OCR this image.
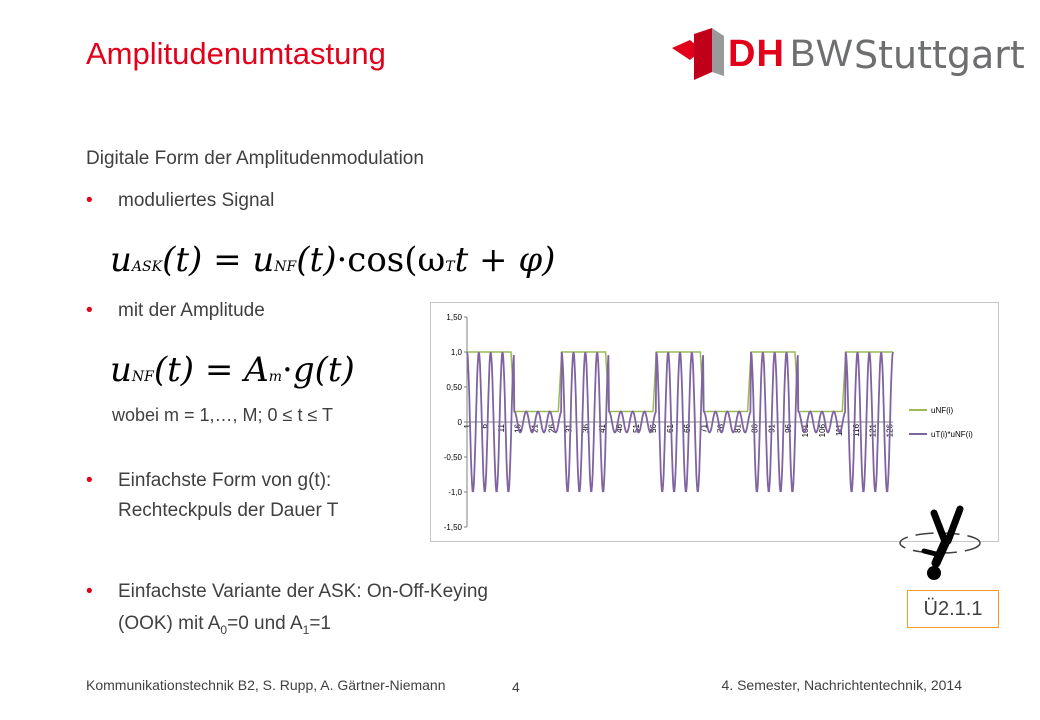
Amplitudenumtastung	DH BW Stuttgart
Digitale Form der Amplitudenmodulation
• moduliertes Signal
uASK(t) = uNF(t)·cos(ωTt + φ)
• mit der Amplitude
uNF(t) = Am·g(t)
wobei m = 1,…, M; 0 ≤ t ≤ T
• Einfachste Form von g(t):
Rechteckpuls der Dauer T
• Einfachste Variante der ASK: On-Off-Keying
(OOK) mit $A_0=0$ und $A_1=1$
1,50
1,0
0,50
0
-0,50
-1,0
-1,50
1 6 11 16 21 26 31 36 41 46 51 56 61 66 71 76 81 86 91 96 101 106 111 116 121 126
uNF(i)
uT(i)*uNF(i)
Ü2.1.1
Kommunikationstechnik B2, S. Rupp, A. Gärtner-Niemann	4	4. Semester, Nachrichtentechnik, 2014
